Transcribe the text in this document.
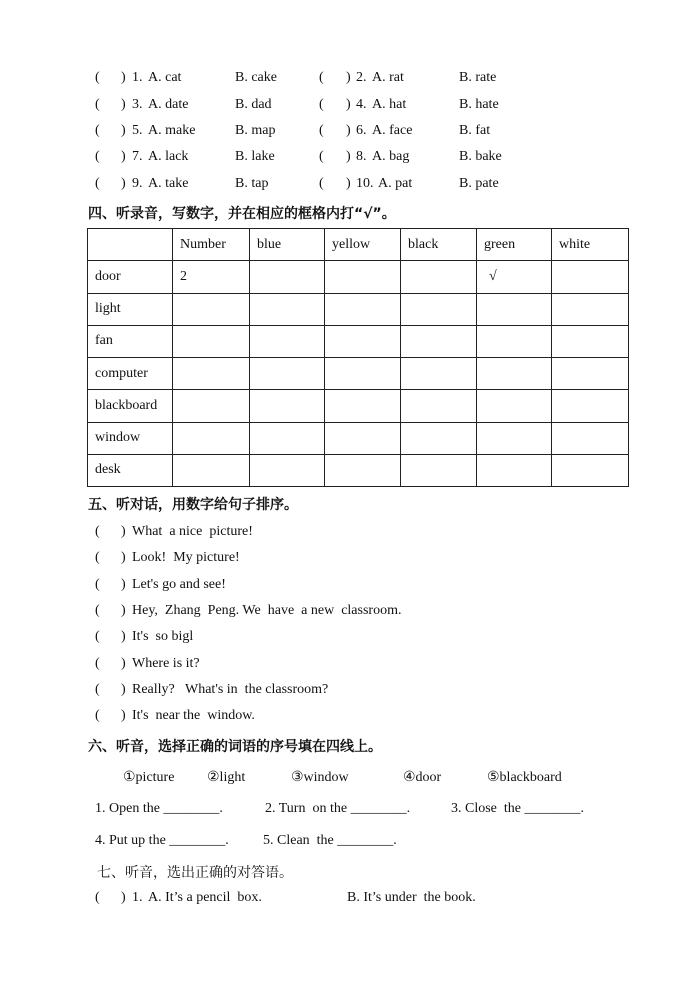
( ) 1. A. cat	B. cake	( ) 2. A. rat	B. rate
( ) 3. A. date	B. dad	( ) 4. A. hat	B. hate
( ) 5. A. make	B. map	( ) 6. A. face	B. fat
( ) 7. A. lack	B. lake	( ) 8. A. bag	B. bake
( ) 9. A. take	B. tap	( ) 10. A. pat	B. pate
四、听录音，写数字，并在相应的框格内打“√”。
	Number	blue	yellow	black	green	white
door	2				√	
light						
fan						
computer						
blackboard						
window						
desk						
五、听对话，用数字给句子排序。
( ) What  a nice  picture!
( ) Look!  My picture!
( ) Let's go and see!
( ) Hey,  Zhang  Peng. We  have  a new  classroom.
( ) It's  so bigl
( ) Where is it?
( ) Really?   What's in  the classroom?
( ) It's  near the  window.
六、听音，选择正确的词语的序号填在四线上。
①picture ②light	③window	④door	⑤blackboard
1. Open the ________.	2. Turn  on the ________.	3. Close  the ________.
4. Put up the ________. 5. Clean  the ________.
七、听音，选出正确的对答语。
( ) 1. A. It’s a pencil  box.	B. It’s under  the book.
